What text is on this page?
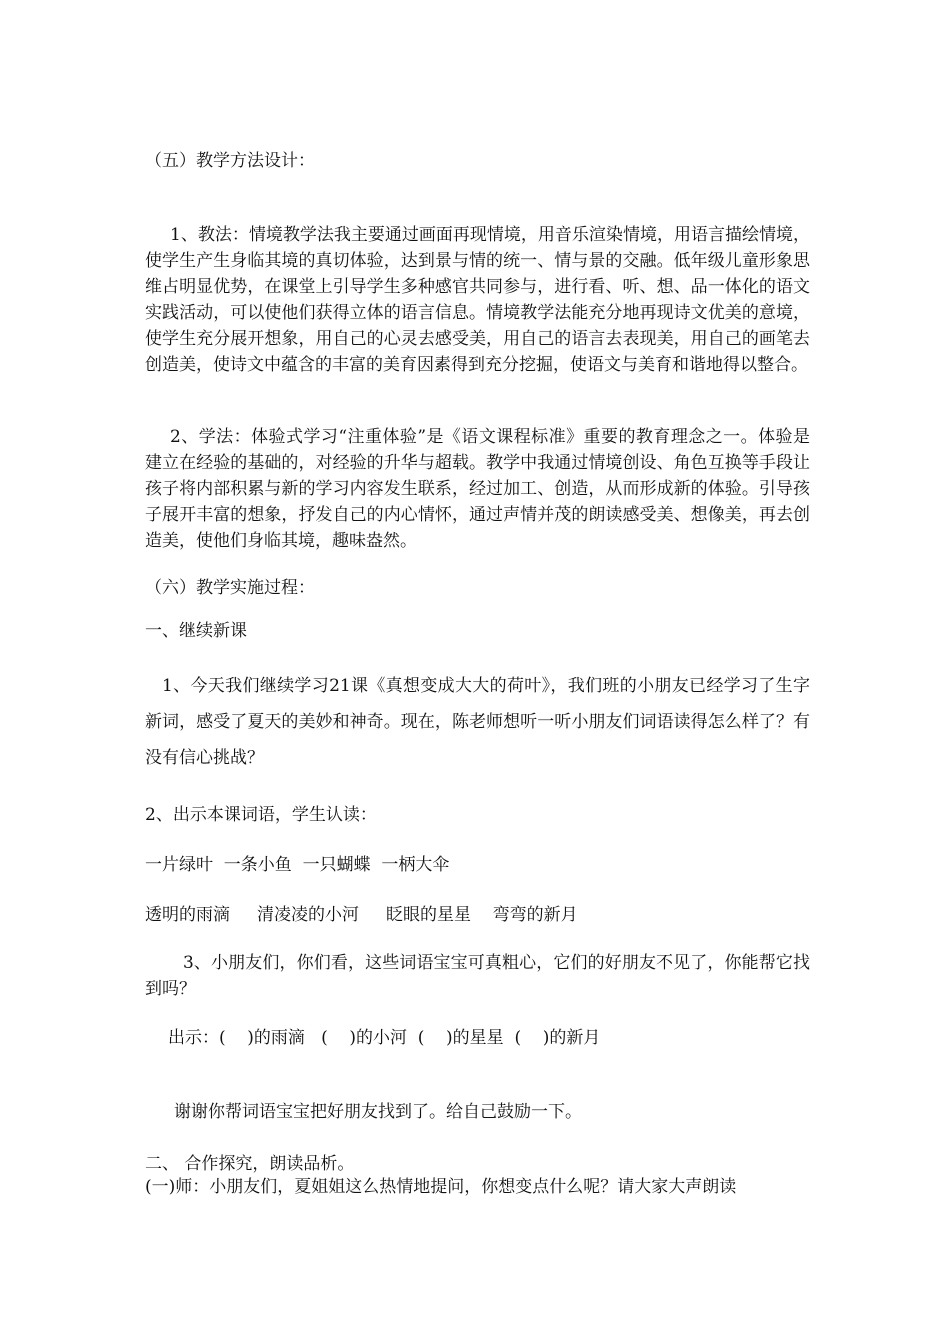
（五）教学方法设计：

1、教法：情境教学法我主要通过画面再现情境，用音乐渲染情境，用语言描绘情境，使学生产生身临其境的真切体验，达到景与情的统一、情与景的交融。低年级儿童形象思维占明显优势，在课堂上引导学生多种感官共同参与，进行看、听、想、品一体化的语文实践活动，可以使他们获得立体的语言信息。情境教学法能充分地再现诗文优美的意境，使学生充分展开想象，用自己的心灵去感受美，用自己的语言去表现美，用自己的画笔去创造美，使诗文中蕴含的丰富的美育因素得到充分挖掘，使语文与美育和谐地得以整合。

2、学法：体验式学习“注重体验”是《语文课程标准》重要的教育理念之一。体验是建立在经验的基础的，对经验的升华与超载。教学中我通过情境创设、角色互换等手段让孩子将内部积累与新的学习内容发生联系，经过加工、创造，从而形成新的体验。引导孩子展开丰富的想象，抒发自己的内心情怀，通过声情并茂的朗读感受美、想像美，再去创造美，使他们身临其境，趣味盎然。

（六）教学实施过程：

一、继续新课

1、今天我们继续学习21课《真想变成大大的荷叶》，我们班的小朋友已经学习了生字新词，感受了夏天的美妙和神奇。现在，陈老师想听一听小朋友们词语读得怎么样了？有没有信心挑战？

2、出示本课词语，学生认读：

一片绿叶  一条小鱼  一只蝴蝶  一柄大伞

透明的雨滴     清凌凌的小河     眨眼的星星    弯弯的新月

3、小朋友们，你们看，这些词语宝宝可真粗心，它们的好朋友不见了，你能帮它找到吗？

出示：(    )的雨滴   (    )的小河  (    )的星星  (    )的新月

谢谢你帮词语宝宝把好朋友找到了。给自己鼓励一下。

二、 合作探究，朗读品析。

(一)师：小朋友们，夏姐姐这么热情地提问，你想变点什么呢？请大家大声朗读
